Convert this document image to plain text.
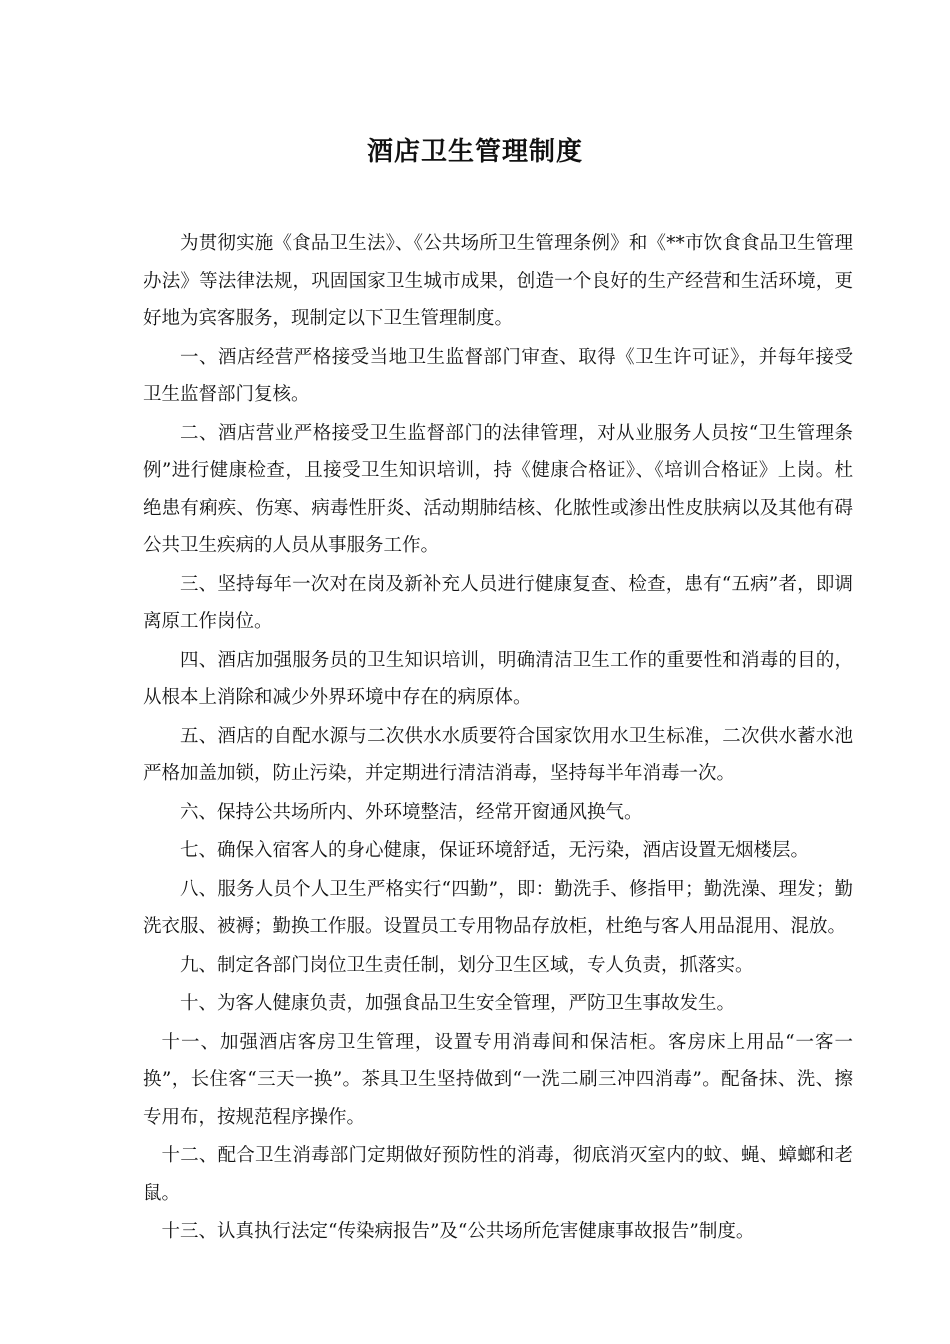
酒店卫生管理制度

为贯彻实施《食品卫生法》、《公共场所卫生管理条例》和《**市饮食食品卫生管理办法》等法律法规，巩固国家卫生城市成果，创造一个良好的生产经营和生活环境，更好地为宾客服务，现制定以下卫生管理制度。

一、酒店经营严格接受当地卫生监督部门审查、取得《卫生许可证》，并每年接受卫生监督部门复核。

二、酒店营业严格接受卫生监督部门的法律管理，对从业服务人员按“卫生管理条例”进行健康检查，且接受卫生知识培训，持《健康合格证》、《培训合格证》上岗。杜绝患有痢疾、伤寒、病毒性肝炎、活动期肺结核、化脓性或渗出性皮肤病以及其他有碍公共卫生疾病的人员从事服务工作。

三、坚持每年一次对在岗及新补充人员进行健康复查、检查，患有“五病”者，即调离原工作岗位。

四、酒店加强服务员的卫生知识培训，明确清洁卫生工作的重要性和消毒的目的，从根本上消除和减少外界环境中存在的病原体。

五、酒店的自配水源与二次供水水质要符合国家饮用水卫生标准，二次供水蓄水池严格加盖加锁，防止污染，并定期进行清洁消毒，坚持每半年消毒一次。

六、保持公共场所内、外环境整洁，经常开窗通风换气。

七、确保入宿客人的身心健康，保证环境舒适，无污染，酒店设置无烟楼层。

八、服务人员个人卫生严格实行“四勤”，即：勤洗手、修指甲；勤洗澡、理发；勤洗衣服、被褥；勤换工作服。设置员工专用物品存放柜，杜绝与客人用品混用、混放。

九、制定各部门岗位卫生责任制，划分卫生区域，专人负责，抓落实。

十、为客人健康负责，加强食品卫生安全管理，严防卫生事故发生。

十一、加强酒店客房卫生管理，设置专用消毒间和保洁柜。客房床上用品“一客一换”，长住客“三天一换”。茶具卫生坚持做到“一洗二刷三冲四消毒”。配备抹、洗、擦专用布，按规范程序操作。

十二、配合卫生消毒部门定期做好预防性的消毒，彻底消灭室内的蚊、蝇、蟑螂和老鼠。

十三、认真执行法定“传染病报告”及“公共场所危害健康事故报告”制度。
